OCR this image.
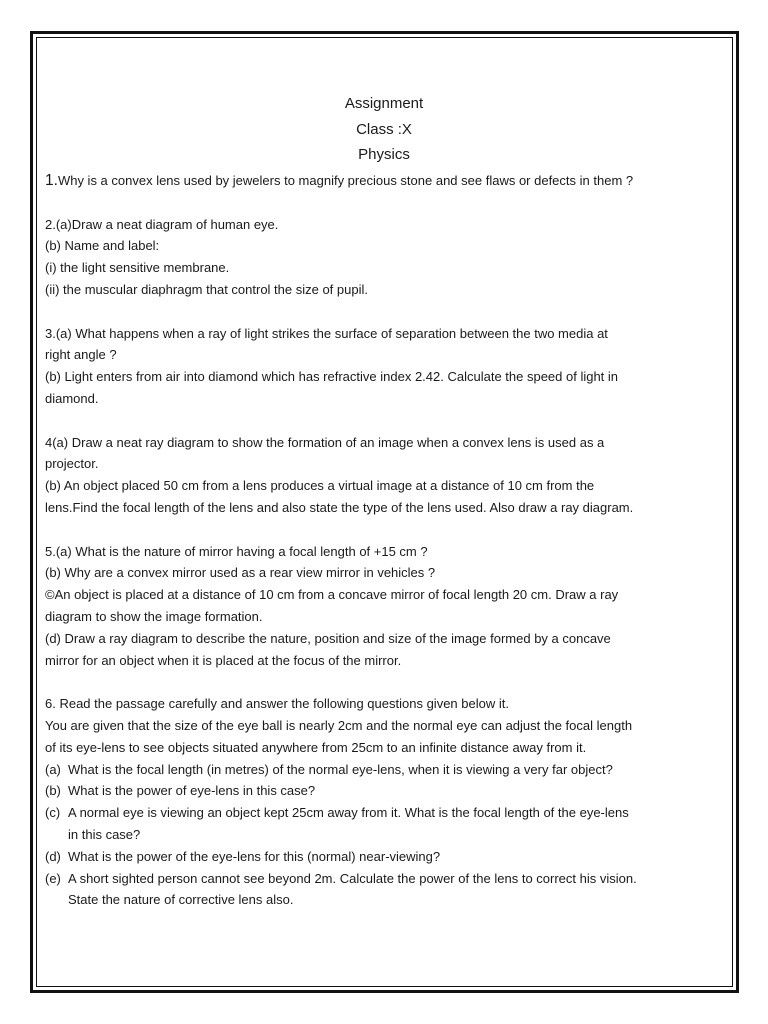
Assignment
Class :X
Physics
1.Why is a convex lens used by jewelers to magnify precious stone and see flaws or defects in them ?
2.(a)Draw a neat diagram of human eye.
(b) Name and label:
(i) the light sensitive membrane.
(ii) the muscular diaphragm that control the size of pupil.
3.(a) What happens when a ray of light strikes the surface of separation between the two media at
right angle ?
(b) Light enters from air into diamond which has refractive index 2.42. Calculate the speed of light in
diamond.
4(a) Draw a neat ray diagram to show the formation of an image when a convex lens is used as a
projector.
(b) An object placed 50 cm from a lens produces a virtual image at a distance of 10 cm from the
lens.Find the focal length of the lens and also state the type of the lens used. Also draw a ray diagram.
5.(a) What is the nature of mirror having a focal length of +15 cm ?
(b) Why are a convex mirror used as a rear view mirror in vehicles ?
©An object is placed at a distance of 10 cm from a concave mirror of focal length 20 cm. Draw a ray
diagram to show the image formation.
(d) Draw a ray diagram to describe the nature, position and size of the image formed by a concave
mirror for an object when it is placed at the focus of the mirror.
6. Read the passage carefully and answer the following questions given below it.
You are given that the size of the eye ball is nearly 2cm and the normal eye can adjust the focal length
of its eye-lens to see objects situated anywhere from 25cm to an infinite distance away from it.
(a) What is the focal length (in metres) of the normal eye-lens, when it is viewing a very far object?
(b) What is the power of eye-lens in this case?
(c) A normal eye is viewing an object kept 25cm away from it. What is the focal length of the eye-lens
in this case?
(d) What is the power of the eye-lens for this (normal) near-viewing?
(e) A short sighted person cannot see beyond 2m. Calculate the power of the lens to correct his vision.
State the nature of corrective lens also.
